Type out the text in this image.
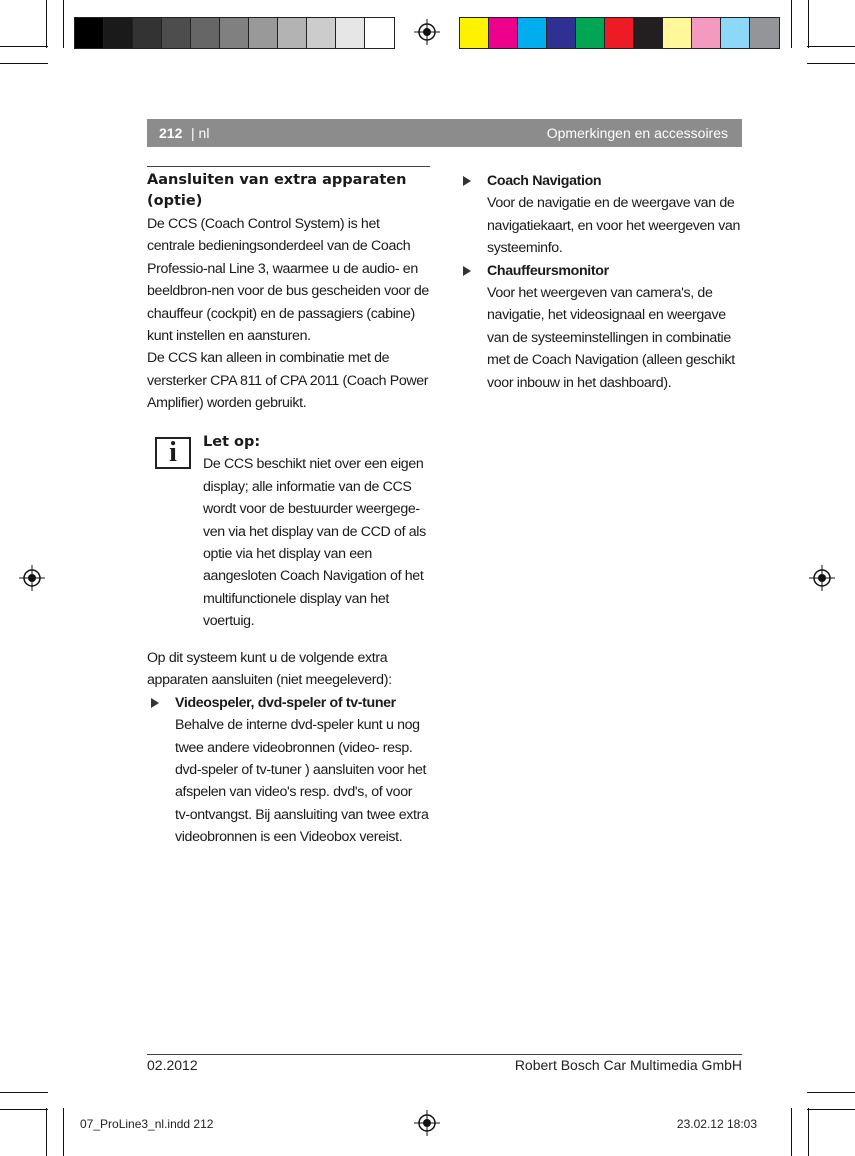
212 | nl	Opmerkingen en accessoires

Aansluiten van extra apparaten (optie)

De CCS (Coach Control System) is het centrale bedieningsonderdeel van de Coach Professio-nal Line 3, waarmee u de audio- en beeldbron-nen voor de bus gescheiden voor de chauffeur (cockpit) en de passagiers (cabine) kunt instellen en aansturen.

De CCS kan alleen in combinatie met de versterker CPA 811 of CPA 2011 (Coach Power Amplifier) worden gebruikt.

i	Let op:

De CCS beschikt niet over een eigen display; alle informatie van de CCS wordt voor de bestuurder weergege-ven via het display van de CCD of als optie via het display van een aangesloten Coach Navigation of het multifunctionele display van het voertuig.

Op dit systeem kunt u de volgende extra apparaten aansluiten (niet meegeleverd):

Videospeler, dvd-speler of tv-tuner

Behalve de interne dvd-speler kunt u nog twee andere videobronnen (video- resp. dvd-speler of tv-tuner ) aansluiten voor het afspelen van video's resp. dvd's, of voor tv-ontvangst. Bij aansluiting van twee extra videobronnen is een Videobox vereist.

Coach Navigation

Voor de navigatie en de weergave van de navigatiekaart, en voor het weergeven van systeeminfo.

Chauffeursmonitor

Voor het weergeven van camera's, de navigatie, het videosignaal en weergave van de systeeminstellingen in combinatie met de Coach Navigation (alleen geschikt voor inbouw in het dashboard).

02.2012	Robert Bosch Car Multimedia GmbH
07_ProLine3_nl.indd 212	23.02.12 18:03
